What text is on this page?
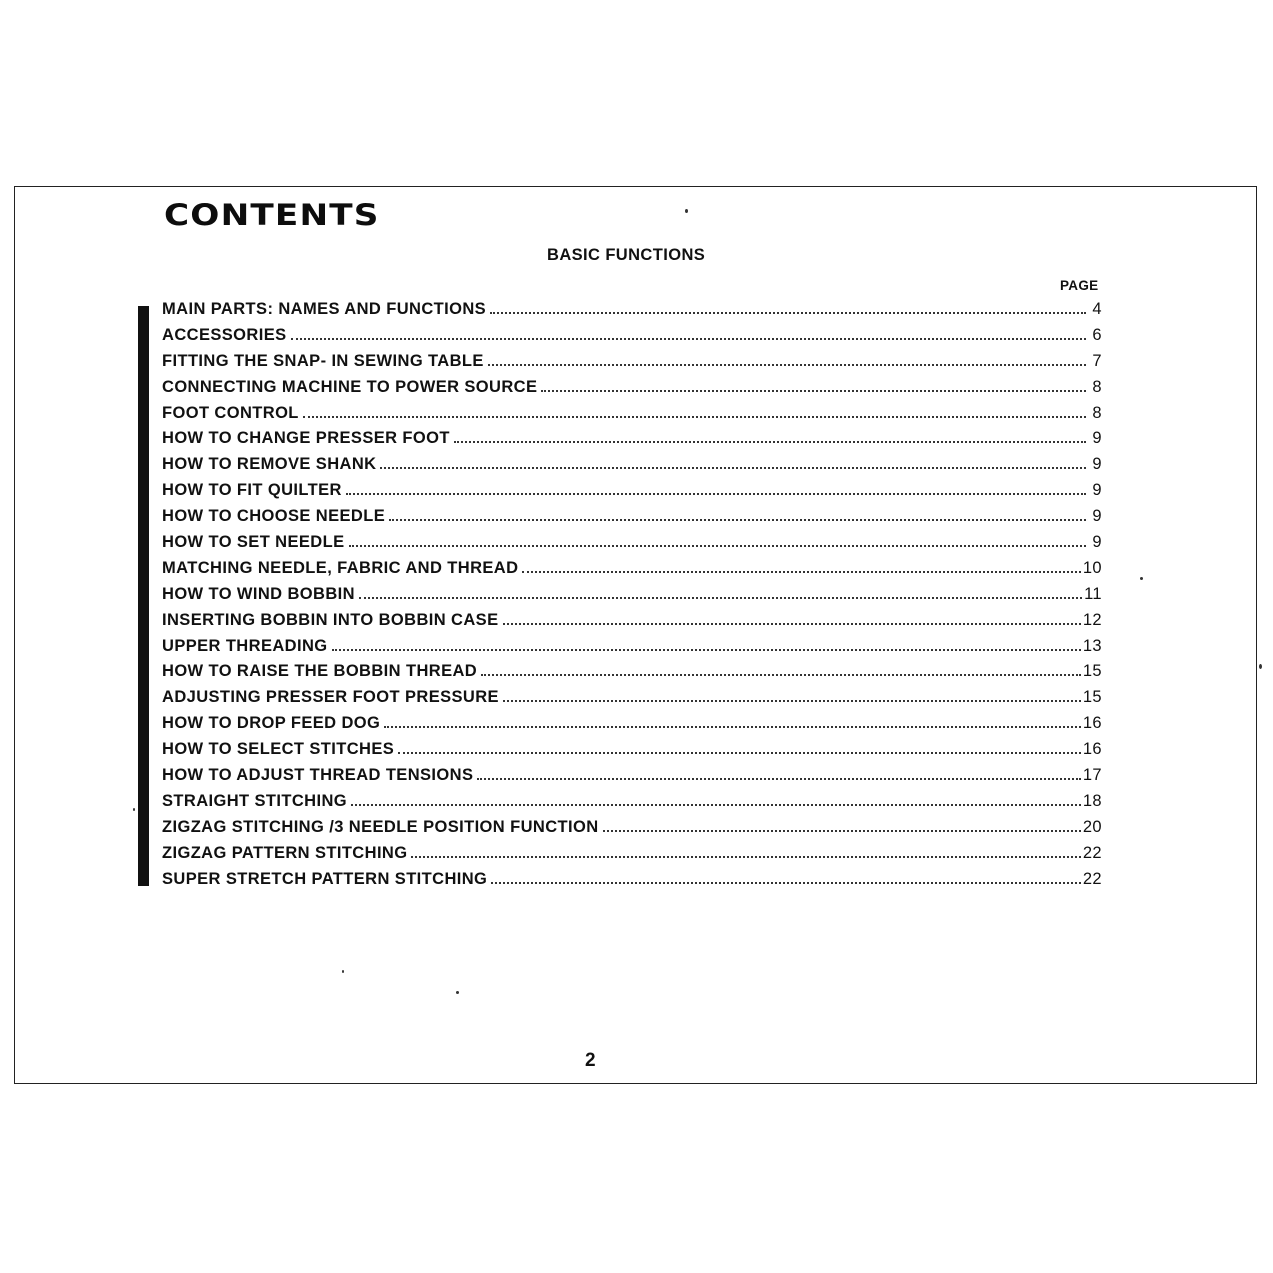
CONTENTS
BASIC FUNCTIONS
PAGE
MAIN PARTS: NAMES AND FUNCTIONS	4
ACCESSORIES	6
FITTING THE SNAP- IN SEWING TABLE	7
CONNECTING MACHINE TO POWER SOURCE	8
FOOT CONTROL	8
HOW TO CHANGE PRESSER FOOT	9
HOW TO REMOVE SHANK	9
HOW TO FIT QUILTER	9
HOW TO CHOOSE NEEDLE	9
HOW TO SET NEEDLE	9
MATCHING NEEDLE, FABRIC AND THREAD	10
HOW TO WIND BOBBIN	11
INSERTING BOBBIN INTO BOBBIN CASE	12
UPPER THREADING	13
HOW TO RAISE THE BOBBIN THREAD	15
ADJUSTING PRESSER FOOT PRESSURE	15
HOW TO DROP FEED DOG	16
HOW TO SELECT STITCHES	16
HOW TO ADJUST THREAD TENSIONS	17
STRAIGHT STITCHING	18
ZIGZAG STITCHING /3 NEEDLE POSITION FUNCTION	20
ZIGZAG PATTERN STITCHING	22
SUPER STRETCH PATTERN STITCHING	22
2
